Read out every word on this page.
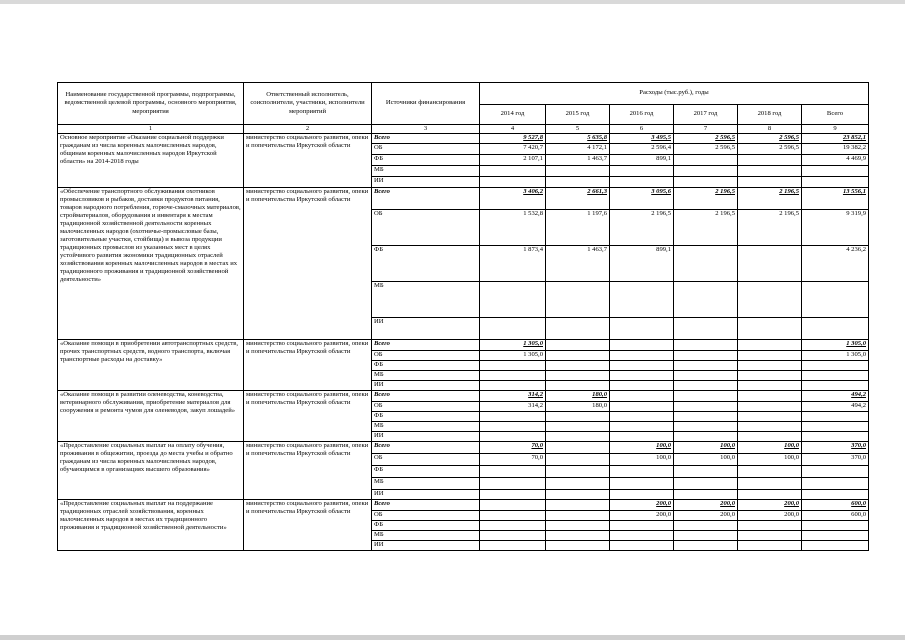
Наименование государственной программы, подпрограммы, ведомственной целевой программы, основного мероприятия, мероприятия	Ответственный исполнитель, соисполнители, участники, исполнители мероприятий	Источники финансирования	Расходы (тыс.руб.), годы					
			2014 год	2015 год	2016 год	2017 год	2018 год	Всего
1	2	3	4	5	6	7	8	9
Основное мероприятие «Оказание социальной поддержки гражданам из числа коренных малочисленных народов, общинам коренных малочисленных народов Иркутской области» на 2014-2018 годы	министерство социального развития, опеки и попечительства Иркутской области	Всего	9 527,8	5 635,8	3 495,5	2 596,5	2 596,5	23 852,1
		ОБ	7 420,7	4 172,1	2 596,4	2 596,5	2 596,5	19 382,2
		ФБ	2 107,1	1 463,7	899,1			4 469,9
		МБ						
		ИИ						
«Обеспечение транспортного обслуживания охотников промысловиков и рыбаков, доставки продуктов питания, товаров народного потребления, горюче-смазочных материалов, стройматериалов, оборудования и инвентаря к местам традиционной хозяйственной деятельности коренных малочисленных народов (охотничье-промысловые базы, заготовительные участки, стойбища) и вывоза продукции традиционных промыслов из указанных мест в целях устойчивого развития экономики традиционных отраслей хозяйствования коренных малочисленных народов в местах их традиционного проживания и традиционной хозяйственной деятельности»	министерство социального развития, опеки и попечительства Иркутской области	Всего	3 406,2	2 661,3	3 095,6	2 196,5	2 196,5	13 556,1
		ОБ	1 532,8	1 197,6	2 196,5	2 196,5	2 196,5	9 319,9
		ФБ	1 873,4	1 463,7	899,1			4 236,2
		МБ						
		ИИ						
«Оказание помощи в приобретении автотранспортных средств, прочих транспортных средств, водного транспорта, включая транспортные расходы на доставку»	министерство социального развития, опеки и попечительства Иркутской области	Всего	1 305,0					1 305,0
		ОБ	1 305,0					1 305,0
		ФБ						
		МБ						
		ИИ						
«Оказание помощи в развитии оленеводства, коневодства, ветеринарного обслуживания, приобретение материалов для сооружения и ремонта чумов для оленеводов, закуп лошадей»	министерство социального развития, опеки и попечительства Иркутской области	Всего	314,2	180,0				494,2
		ОБ	314,2	180,0				494,2
		ФБ						
		МБ						
		ИИ						
«Предоставление социальных выплат на оплату обучения, проживания в общежитии, проезда до места учебы и обратно гражданам из числа коренных малочисленных народов, обучающимся в организациях высшего образования»	министерство социального развития, опеки и попечительства Иркутской области	Всего	70,0		100,0	100,0	100,0	370,0
		ОБ	70,0		100,0	100,0	100,0	370,0
		ФБ						
		МБ						
		ИИ						
«Предоставление социальных выплат на поддержание традиционных отраслей хозяйствования, коренных малочисленных народов в местах их традиционного проживания и традиционной хозяйственной деятельности»	министерство социального развития, опеки и попечительства Иркутской области	Всего			200,0	200,0	200,0	600,0
		ОБ			200,0	200,0	200,0	600,0
		ФБ						
		МБ						
		ИИ						
